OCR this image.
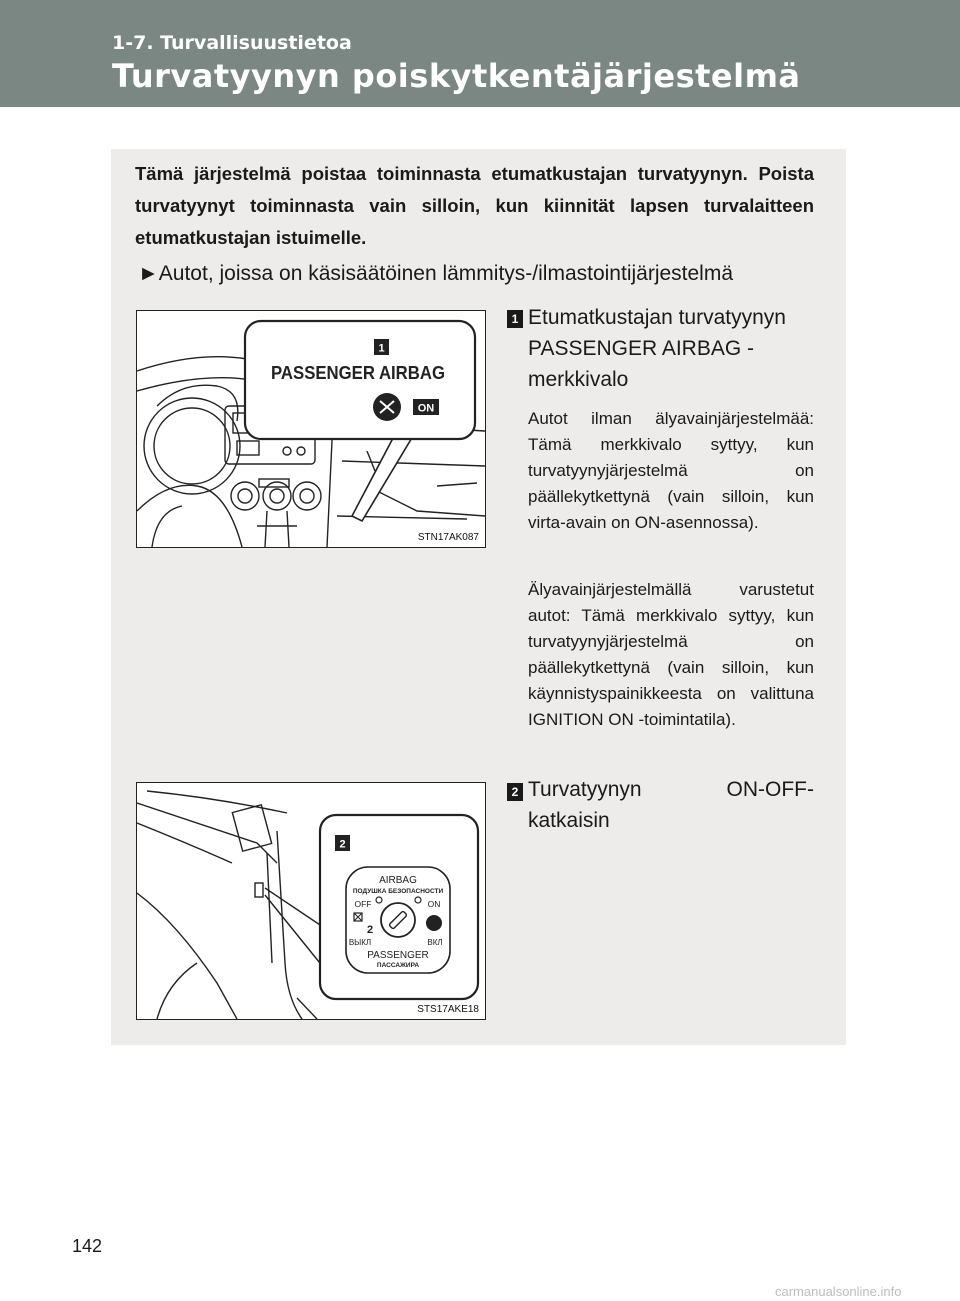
1-7. Turvallisuustietoa
Turvatyynyn poiskytkentäjärjestelmä
Tämä järjestelmä poistaa toiminnasta etumatkustajan turvatyynyn. Poista turvatyynyt toiminnasta vain silloin, kun kiinnität lapsen turvalaitteen etumatkustajan istuimelle.
►Autot, joissa on käsisäätöinen lämmitys-/ilmastointijärjestelmä
1
PASSENGER AIRBAG
ON
STN17AK087
1 Etumatkustajan turvatyynyn PASSENGER AIRBAG -merkkivalo
Autot ilman älyavainjärjestelmää: Tämä merkkivalo syttyy, kun turvatyynyjärjestelmä on päällekytkettynä (vain silloin, kun virta-avain on ON-asennossa).
Älyavainjärjestelmällä varustetut autot: Tämä merkkivalo syttyy, kun turvatyynyjärjestelmä on päällekytkettynä (vain silloin, kun käynnistyspainikkeesta on valittuna IGNITION ON -toimintatila).
2
AIRBAG
ПОДУШКА БЕЗОПАСНОСТИ
OFF	ON
2
ВЫКЛ	ВКЛ
PASSENGER
ПАССАЖИРА
STS17AKE18
2 Turvatyynyn ON-OFF-katkaisin
142
carmanualsonline.info
